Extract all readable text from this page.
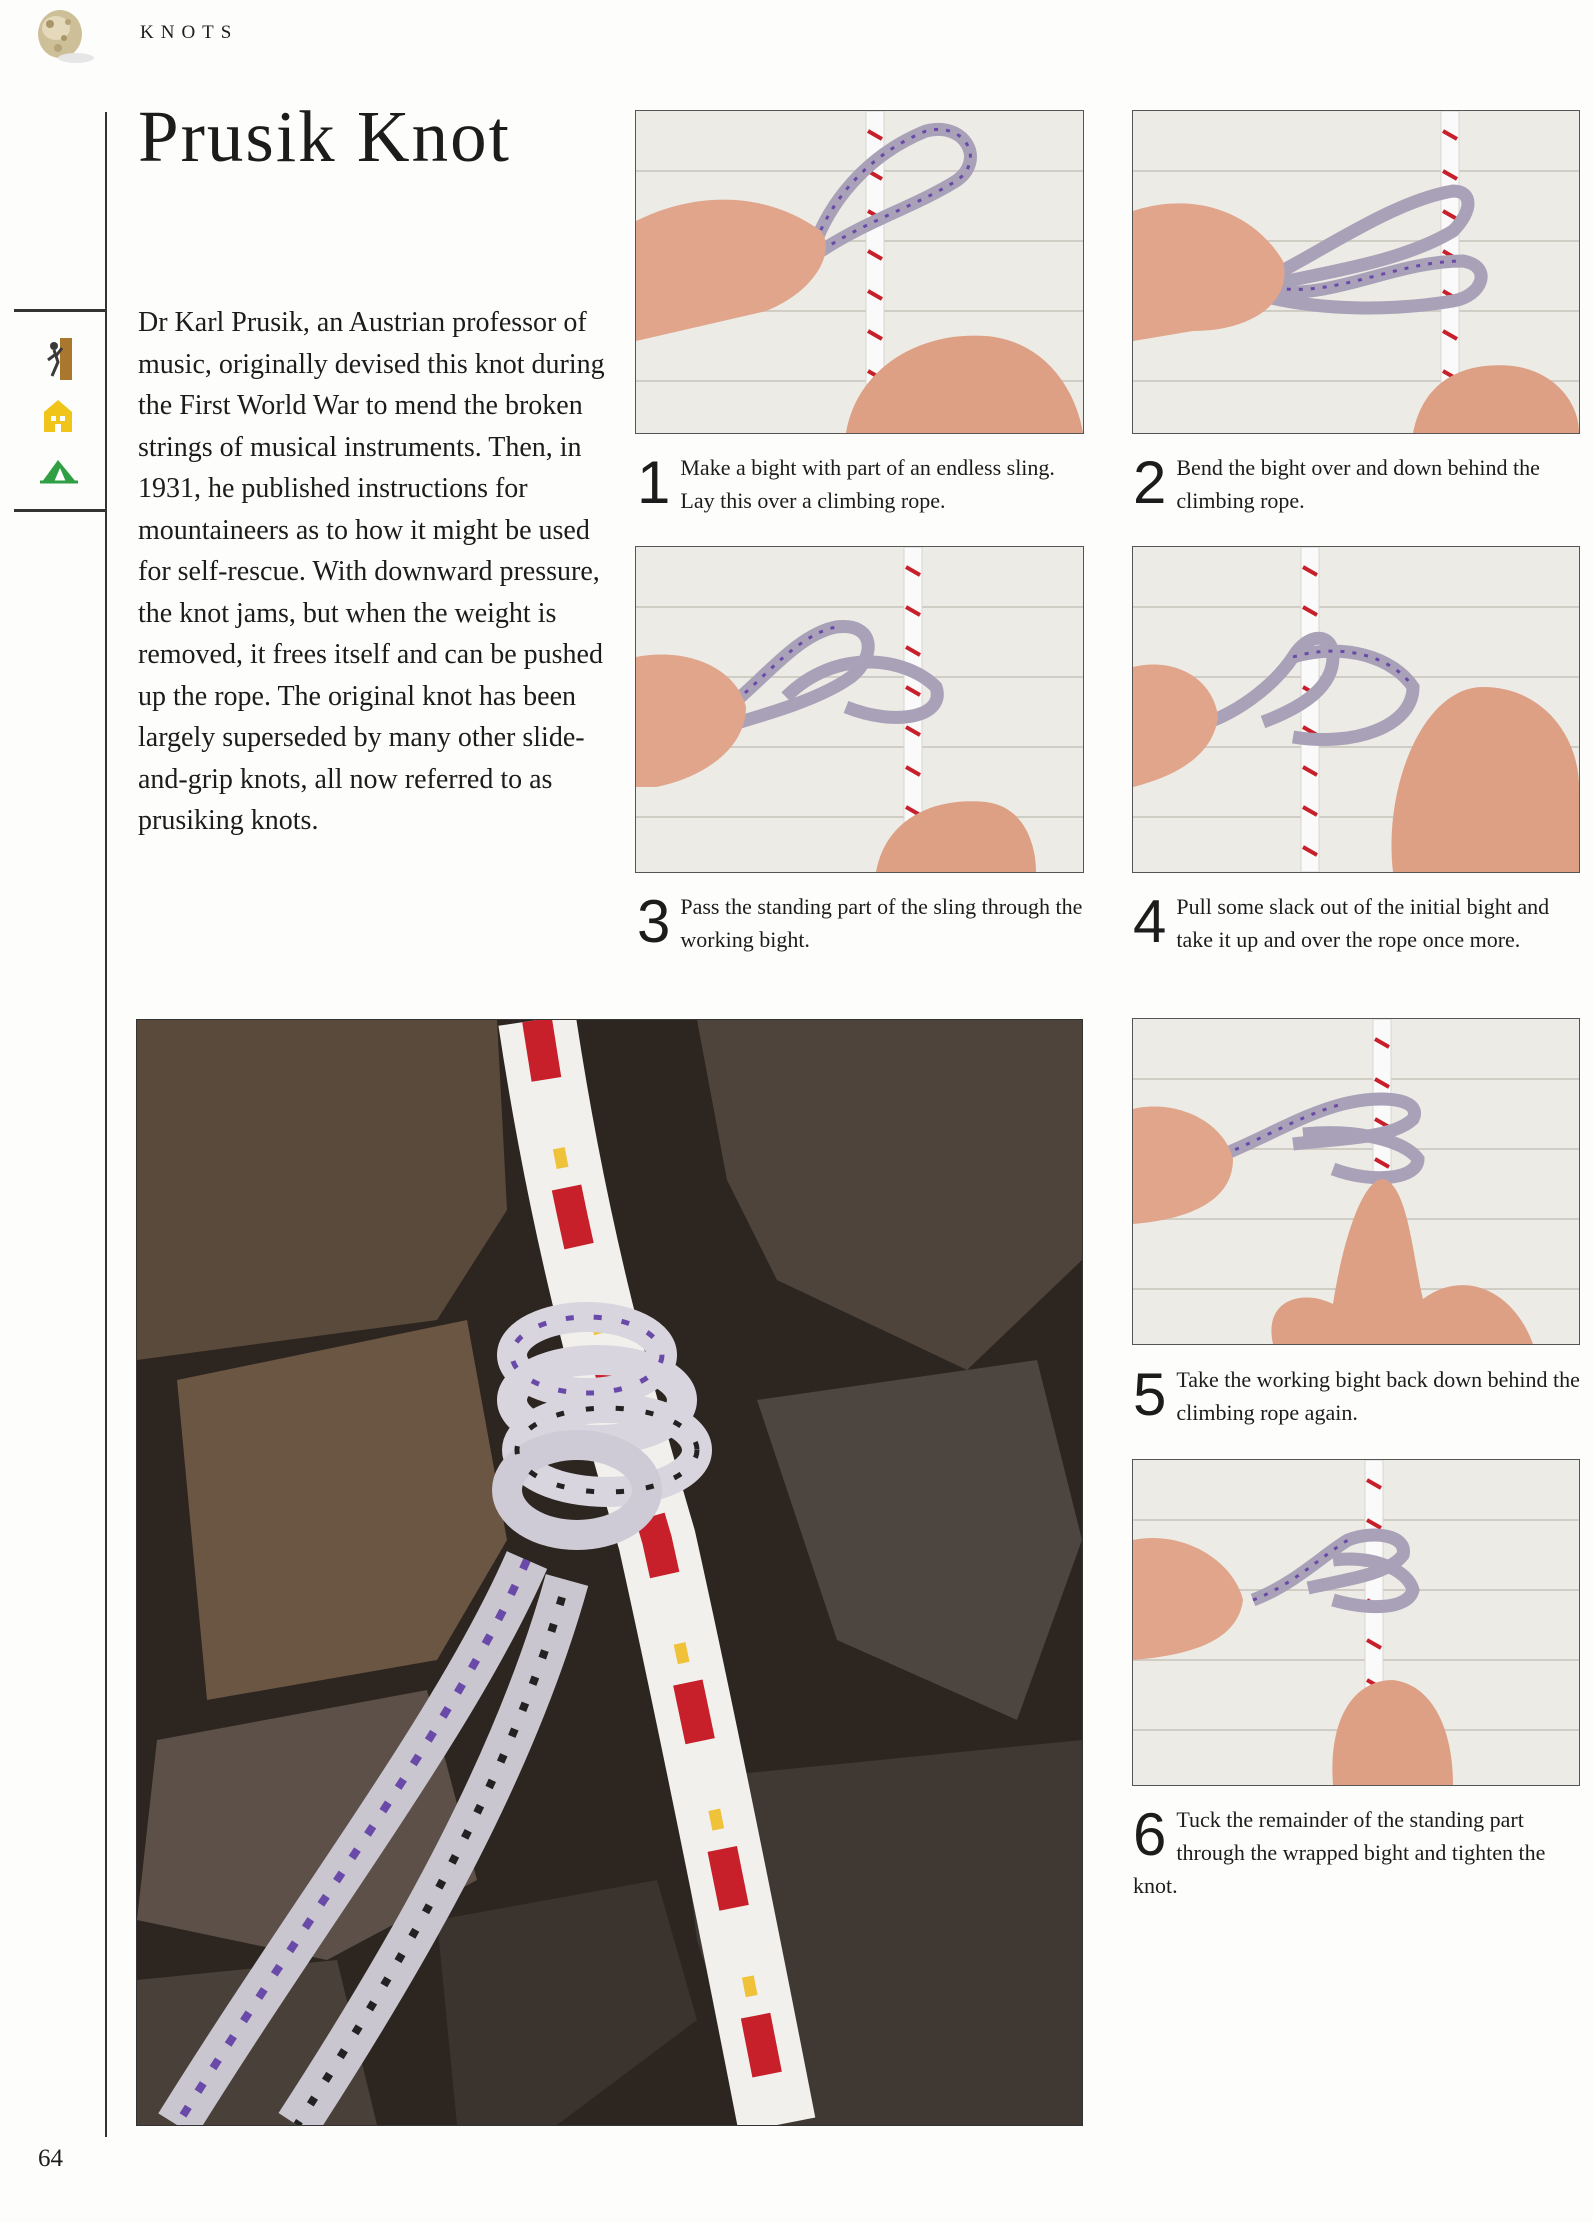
KNOTS
Prusik Knot
Dr Karl Prusik, an Austrian professor of music, originally devised this knot during the First World War to mend the broken strings of musical instruments. Then, in 1931, he published instructions for mountaineers as to how it might be used for self-rescue. With downward pressure, the knot jams, but when the weight is removed, it frees itself and can be pushed up the rope. The original knot has been largely superseded by many other slide-and-grip knots, all now referred to as prusiking knots.
1 Make a bight with part of an endless sling. Lay this over a climbing rope.	2 Bend the bight over and down behind the climbing rope.
3 Pass the standing part of the sling through the working bight.	4 Pull some slack out of the initial bight and take it up and over the rope once more.
5 Take the working bight back down behind the climbing rope again.
6 Tuck the remainder of the standing part through the wrapped bight and tighten the knot.
64
